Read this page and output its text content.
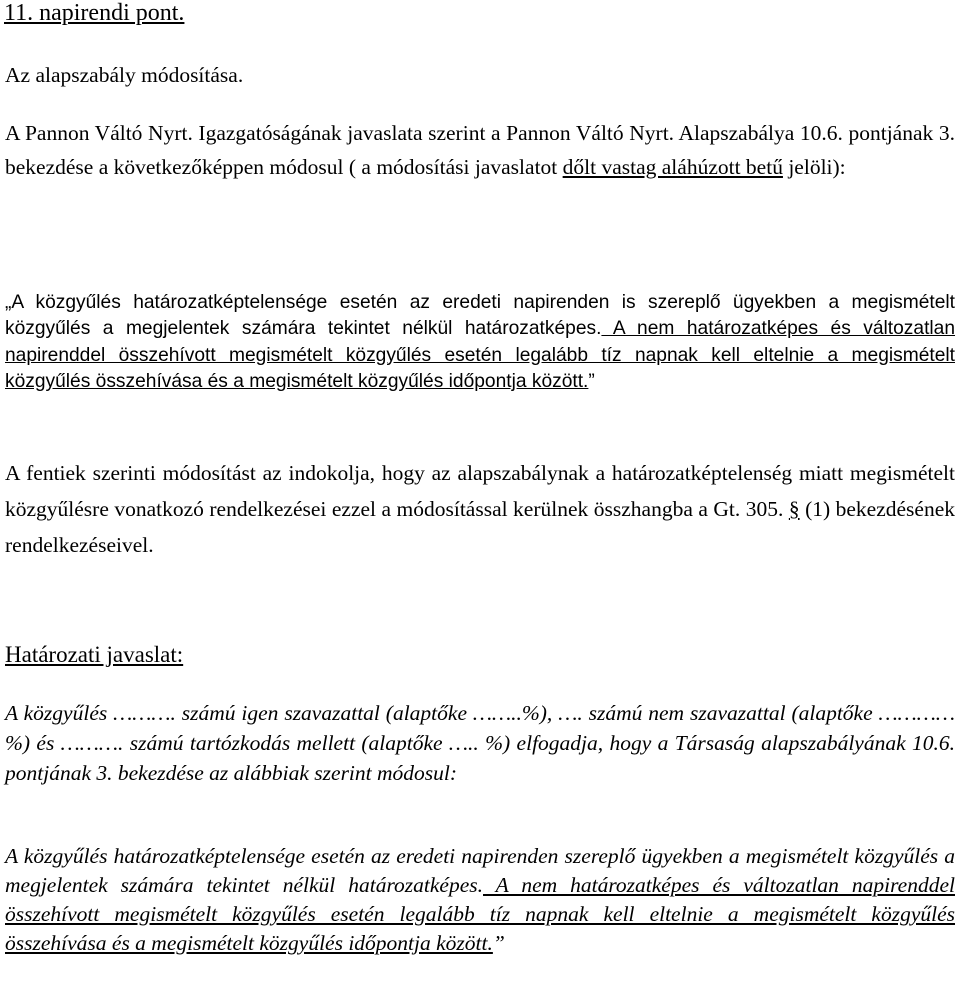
11. napirendi pont.

Az alapszabály módosítása.

A Pannon Váltó Nyrt. Igazgatóságának javaslata szerint a Pannon Váltó Nyrt. Alapszabálya 10.6. pontjának 3. bekezdése a következőképpen módosul ( a módosítási javaslatot dőlt vastag aláhúzott betű jelöli):

„A közgyűlés határozatképtelensége esetén az eredeti napirenden is szereplő ügyekben a megismételt közgyűlés a megjelentek számára tekintet nélkül határozatképes. A nem határozatképes és változatlan napirenddel összehívott megismételt közgyűlés esetén legalább tíz napnak kell eltelnie a megismételt közgyűlés összehívása és a megismételt közgyűlés időpontja között.”

A fentiek szerinti módosítást az indokolja, hogy az alapszabálynak a határozatképtelenség miatt megismételt közgyűlésre vonatkozó rendelkezései ezzel a módosítással kerülnek összhangba a Gt. 305. § (1) bekezdésének rendelkezéseivel.

Határozati javaslat:

A közgyűlés ………. számú igen szavazattal (alaptőke ……..%), …. számú nem szavazattal (alaptőke ………… %) és ………. számú tartózkodás mellett (alaptőke ….. %) elfogadja, hogy a Társaság alapszabályának 10.6. pontjának 3. bekezdése az alábbiak szerint módosul:

A közgyűlés határozatképtelensége esetén az eredeti napirenden szereplő ügyekben a megismételt közgyűlés a megjelentek számára tekintet nélkül határozatképes. A nem határozatképes és változatlan napirenddel összehívott megismételt közgyűlés esetén legalább tíz napnak kell eltelnie a megismételt közgyűlés összehívása és a megismételt közgyűlés időpontja között.”
